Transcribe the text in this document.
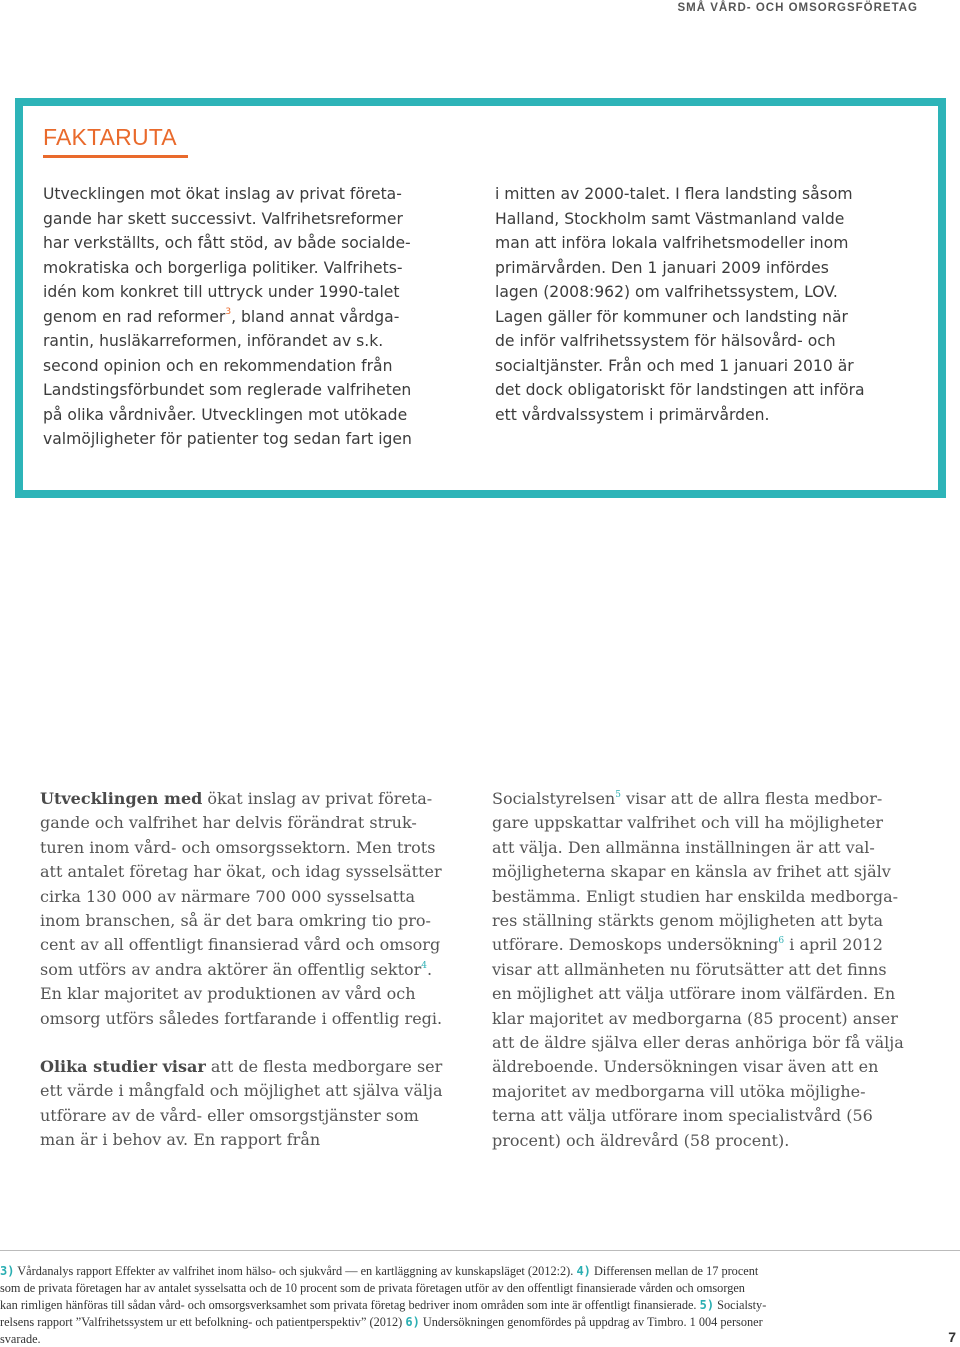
SMÅ VÅRD- OCH OMSORGSFÖRETAG
FAKTARUTA
Utvecklingen mot ökat inslag av privat företa-
gande har skett successivt. Valfrihetsreformer
har verkställts, och fått stöd, av både socialde-
mokratiska och borgerliga politiker. Valfrihets-
idén kom konkret till uttryck under 1990-talet
genom en rad reformer$^3$, bland annat vårdga-
rantin, husläkarreformen, införandet av s.k.
second opinion och en rekommendation från
Landstingsförbundet som reglerade valfriheten
på olika vårdnivåer. Utvecklingen mot utökade
valmöjligheter för patienter tog sedan fart igen
i mitten av 2000-talet. I flera landsting såsom
Halland, Stockholm samt Västmanland valde
man att införa lokala valfrihetsmodeller inom
primärvården. Den 1 januari 2009 infördes
lagen (2008:962) om valfrihetssystem, LOV.
Lagen gäller för kommuner och landsting när
de inför valfrihetssystem för hälsovård- och
socialtjänster. Från och med 1 januari 2010 är
det dock obligatoriskt för landstingen att införa
ett vårdvalssystem i primärvården.
Utvecklingen med ökat inslag av privat företa-
gande och valfrihet har delvis förändrat struk-
turen inom vård- och omsorgssektorn. Men trots
att antalet företag har ökat, och idag sysselsätter
cirka 130 000 av närmare 700 000 sysselsatta
inom branschen, så är det bara omkring tio pro-
cent av all offentligt finansierad vård och omsorg
som utförs av andra aktörer än offentlig sektor$^4$.
En klar majoritet av produktionen av vård och
omsorg utförs således fortfarande i offentlig regi.
Olika studier visar att de flesta medborgare ser
ett värde i mångfald och möjlighet att själva välja
utförare av de vård- eller omsorgstjänster som
man är i behov av. En rapport från
Socialstyrelsen$^5$ visar att de allra flesta medbor-
gare uppskattar valfrihet och vill ha möjligheter
att välja. Den allmänna inställningen är att val-
möjligheterna skapar en känsla av frihet att själv
bestämma. Enligt studien har enskilda medborga-
res ställning stärkts genom möjligheten att byta
utförare. Demoskops undersökning$^6$ i april 2012
visar att allmänheten nu förutsätter att det finns
en möjlighet att välja utförare inom välfärden. En
klar majoritet av medborgarna (85 procent) anser
att de äldre själva eller deras anhöriga bör få välja
äldreboende. Undersökningen visar även att en
majoritet av medborgarna vill utöka möjlighe-
terna att välja utförare inom specialistvård (56
procent) och äldrevård (58 procent).
3) Vårdanalys rapport Effekter av valfrihet inom hälso- och sjukvård — en kartläggning av kunskapsläget (2012:2). 4) Differensen mellan de 17 procent
som de privata företagen har av antalet sysselsatta och de 10 procent som de privata företagen utför av den offentligt finansierade vården och omsorgen
kan rimligen hänföras till sådan vård- och omsorgsverksamhet som privata företag bedriver inom områden som inte är offentligt finansierade. 5) Socialsty-
relsens rapport ”Valfrihetssystem ur ett befolkning- och patientperspektiv” (2012) 6) Undersökningen genomfördes på uppdrag av Timbro. 1 004 personer
svarade.	7
